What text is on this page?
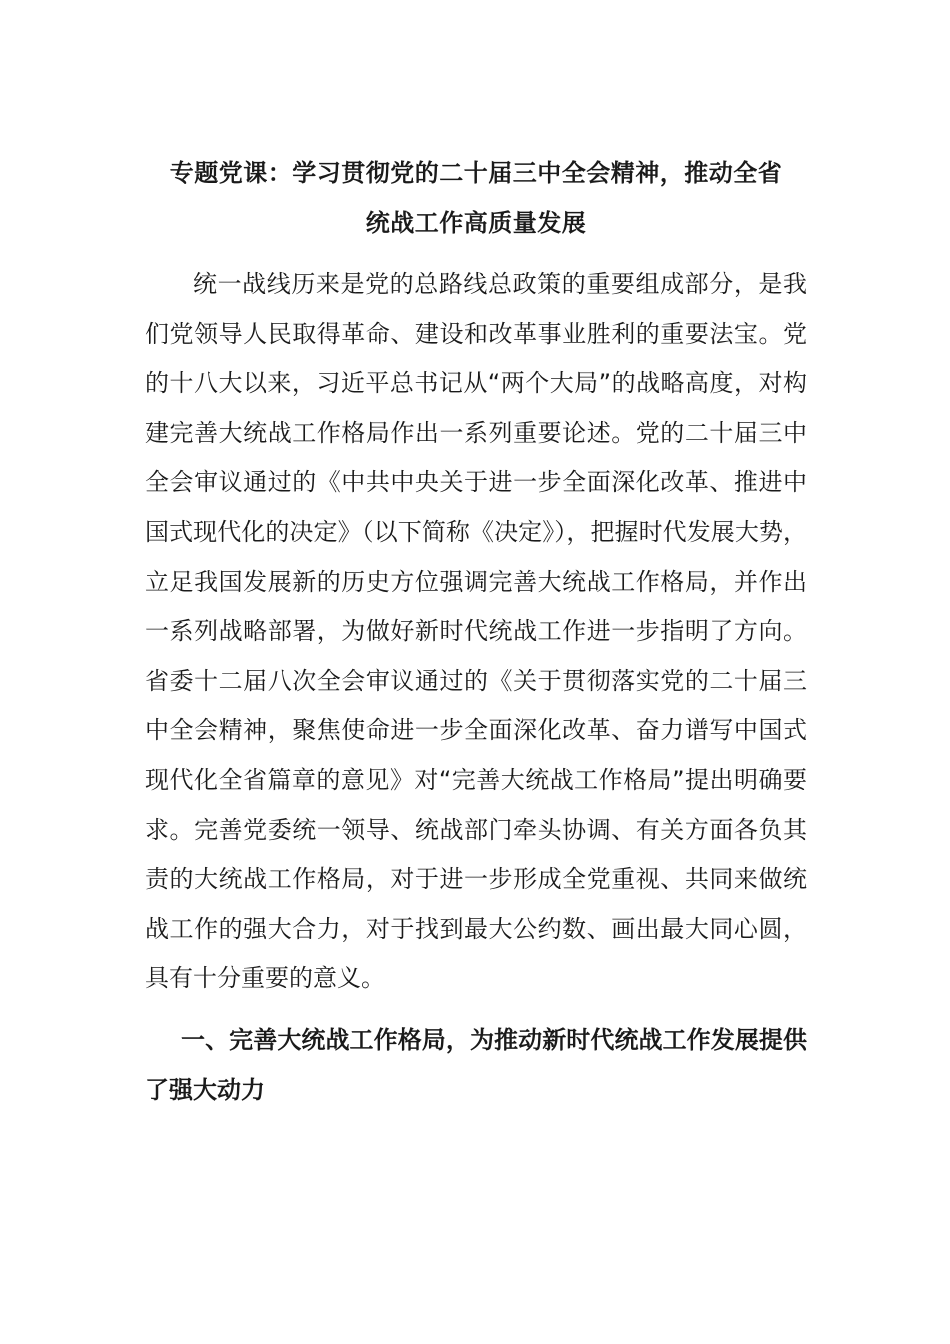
专题党课：学习贯彻党的二十届三中全会精神，推动全省
统战工作高质量发展

统一战线历来是党的总路线总政策的重要组成部分，是我们党领导人民取得革命、建设和改革事业胜利的重要法宝。党的十八大以来，习近平总书记从“两个大局”的战略高度，对构建完善大统战工作格局作出一系列重要论述。党的二十届三中全会审议通过的《中共中央关于进一步全面深化改革、推进中国式现代化的决定》（以下简称《决定》），把握时代发展大势，立足我国发展新的历史方位强调完善大统战工作格局，并作出一系列战略部署，为做好新时代统战工作进一步指明了方向。省委十二届八次全会审议通过的《关于贯彻落实党的二十届三中全会精神，聚焦使命进一步全面深化改革、奋力谱写中国式现代化全省篇章的意见》对“完善大统战工作格局”提出明确要求。完善党委统一领导、统战部门牵头协调、有关方面各负其责的大统战工作格局，对于进一步形成全党重视、共同来做统战工作的强大合力，对于找到最大公约数、画出最大同心圆，具有十分重要的意义。

一、完善大统战工作格局，为推动新时代统战工作发展提供了强大动力
